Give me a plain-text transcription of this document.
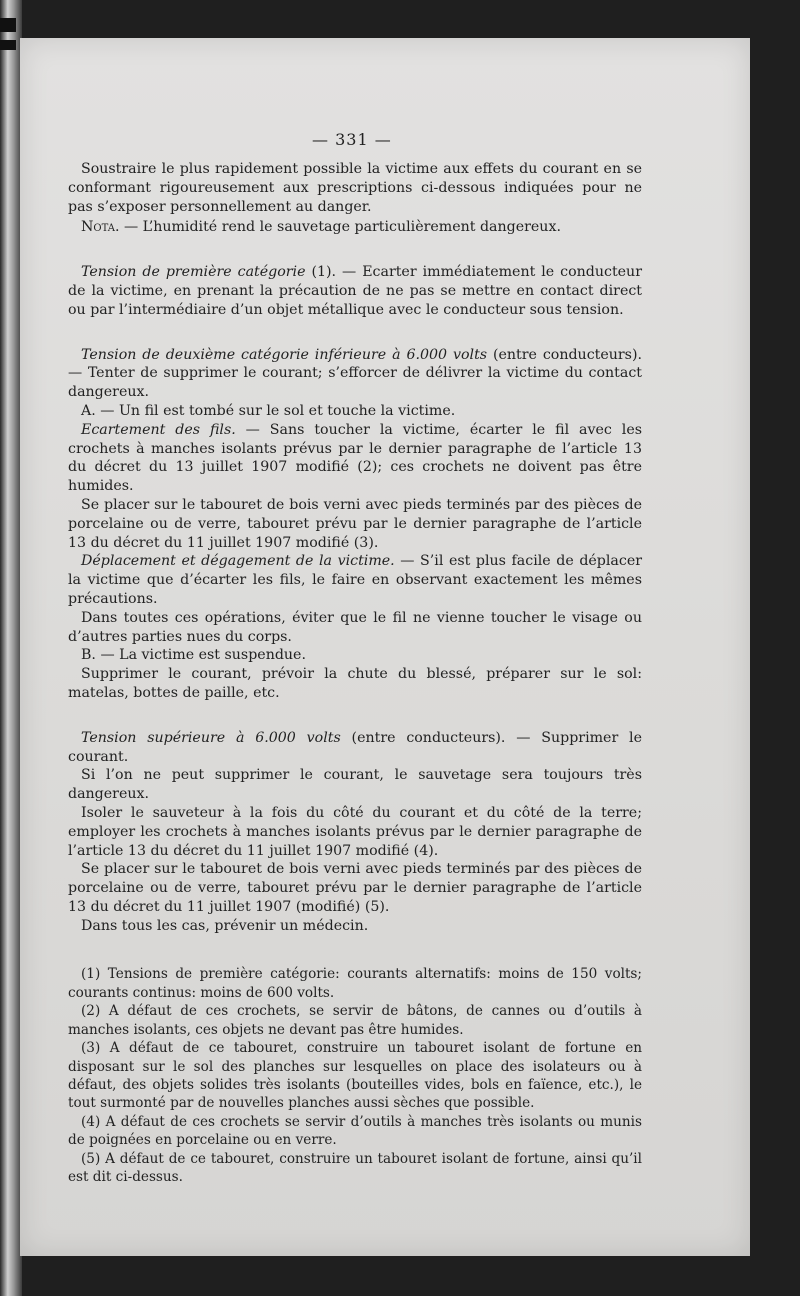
— 331 —

Soustraire le plus rapidement possible la victime aux effets du courant en se conformant rigoureusement aux prescriptions ci-dessous indiquées pour ne pas s’exposer personnellement au danger.

Nota. — L’humidité rend le sauvetage particulièrement dangereux.

Tension de première catégorie (1). — Ecarter immédiatement le conducteur de la victime, en prenant la précaution de ne pas se mettre en contact direct ou par l’intermédiaire d’un objet métallique avec le conducteur sous tension.

Tension de deuxième catégorie inférieure à 6.000 volts (entre conducteurs). — Tenter de supprimer le courant; s’efforcer de délivrer la victime du contact dangereux.

A. — Un fil est tombé sur le sol et touche la victime.

Ecartement des fils. — Sans toucher la victime, écarter le fil avec les crochets à manches isolants prévus par le dernier paragraphe de l’article 13 du décret du 13 juillet 1907 modifié (2); ces crochets ne doivent pas être humides.

Se placer sur le tabouret de bois verni avec pieds terminés par des pièces de porcelaine ou de verre, tabouret prévu par le dernier paragraphe de l’article 13 du décret du 11 juillet 1907 modifié (3).

Déplacement et dégagement de la victime. — S’il est plus facile de déplacer la victime que d’écarter les fils, le faire en observant exactement les mêmes précautions.

Dans toutes ces opérations, éviter que le fil ne vienne toucher le visage ou d’autres parties nues du corps.

B. — La victime est suspendue.

Supprimer le courant, prévoir la chute du blessé, préparer sur le sol: matelas, bottes de paille, etc.

Tension supérieure à 6.000 volts (entre conducteurs). — Supprimer le courant.

Si l’on ne peut supprimer le courant, le sauvetage sera toujours très dangereux.

Isoler le sauveteur à la fois du côté du courant et du côté de la terre; employer les crochets à manches isolants prévus par le dernier paragraphe de l’article 13 du décret du 11 juillet 1907 modifié (4).

Se placer sur le tabouret de bois verni avec pieds terminés par des pièces de porcelaine ou de verre, tabouret prévu par le dernier paragraphe de l’article 13 du décret du 11 juillet 1907 (modifié) (5).

Dans tous les cas, prévenir un médecin.

(1) Tensions de première catégorie: courants alternatifs: moins de 150 volts; courants continus: moins de 600 volts.

(2) A défaut de ces crochets, se servir de bâtons, de cannes ou d’outils à manches isolants, ces objets ne devant pas être humides.

(3) A défaut de ce tabouret, construire un tabouret isolant de fortune en disposant sur le sol des planches sur lesquelles on place des isolateurs ou à défaut, des objets solides très isolants (bouteilles vides, bols en faïence, etc.), le tout surmonté par de nouvelles planches aussi sèches que possible.

(4) A défaut de ces crochets se servir d’outils à manches très isolants ou munis de poignées en porcelaine ou en verre.

(5) A défaut de ce tabouret, construire un tabouret isolant de fortune, ainsi qu’il est dit ci-dessus.
